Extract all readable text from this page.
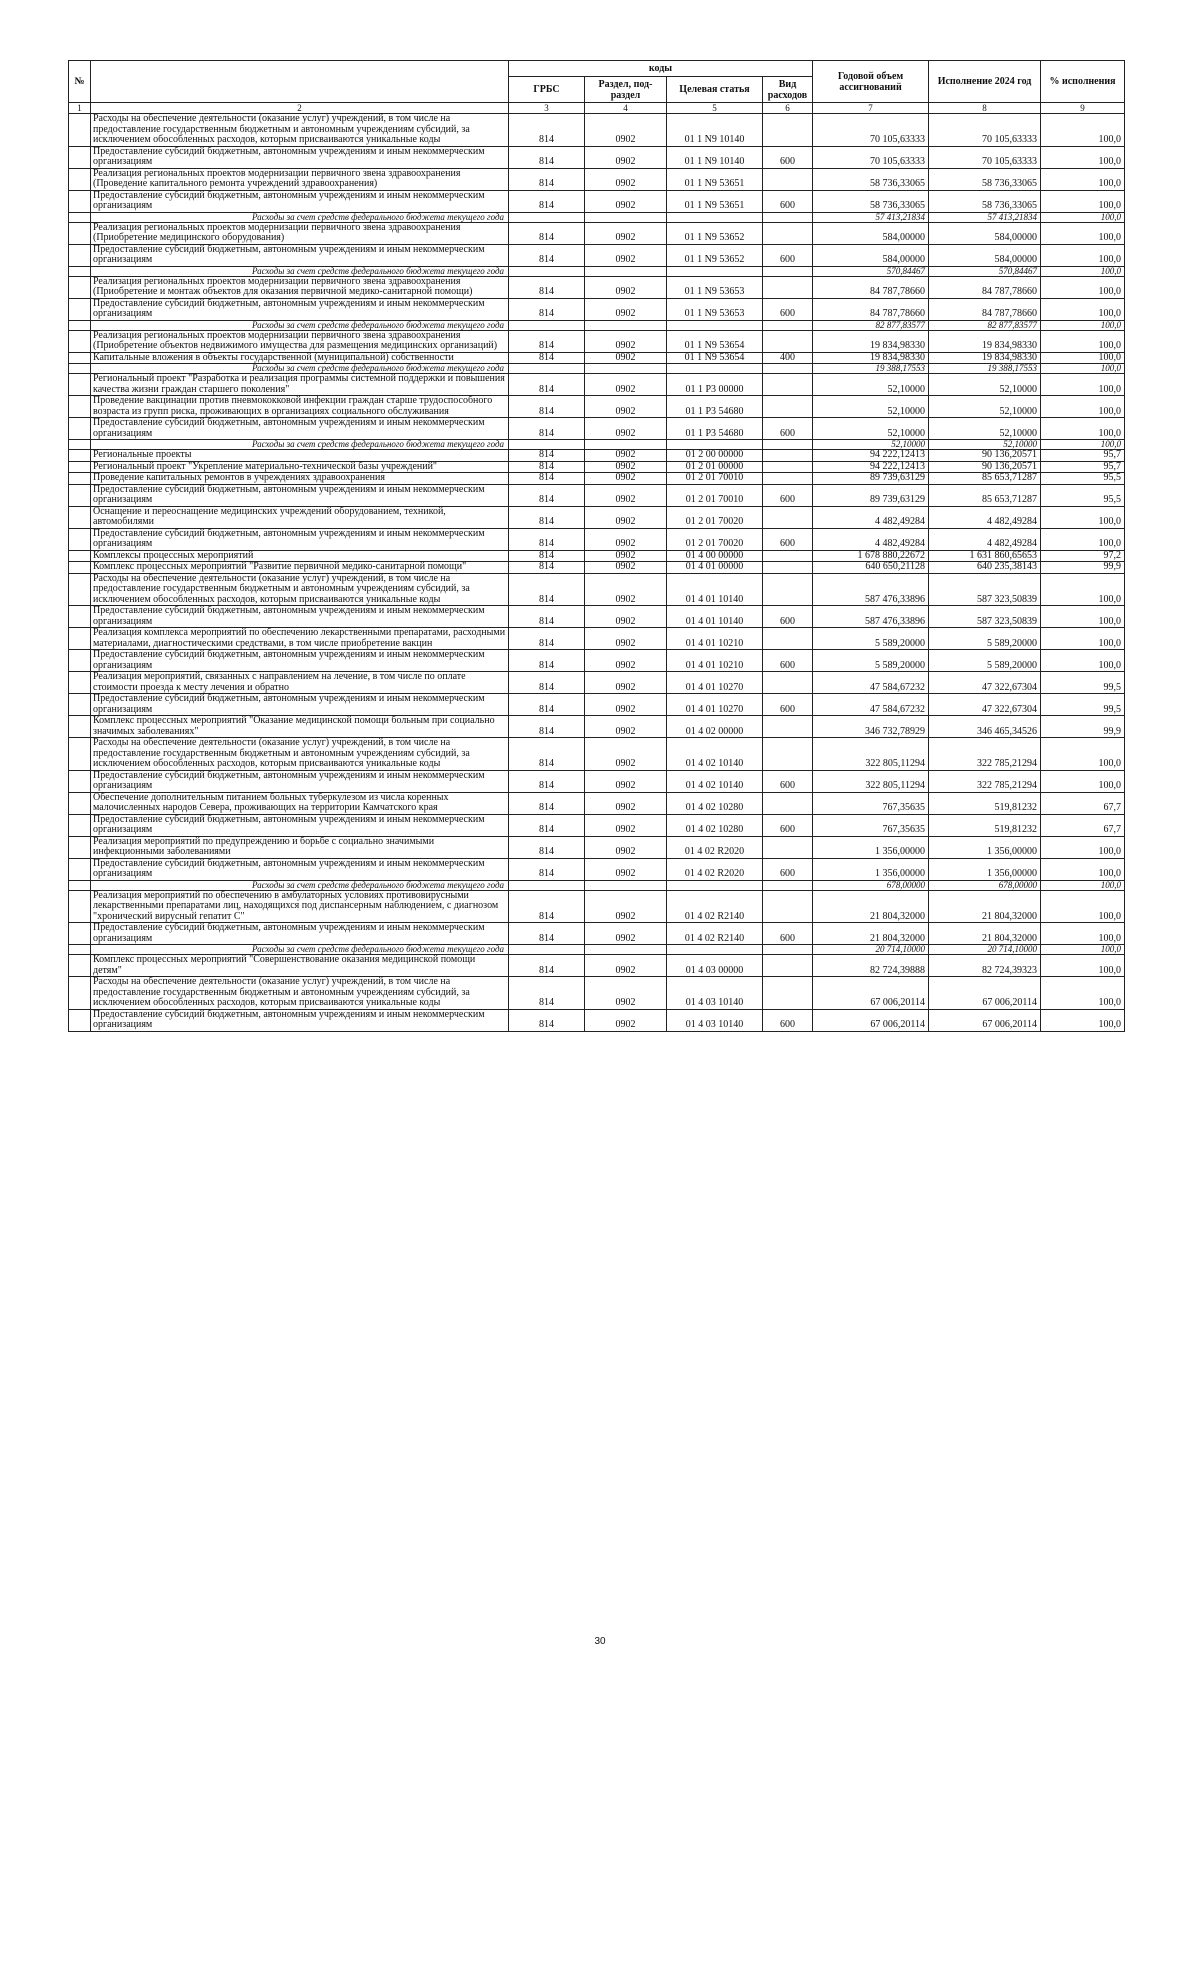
№		коды				Годовой объем ассигнований	Исполнение 2024 год	% исполнения
		ГРБС	Раздел, под-раздел	Целевая статья	Вид расходов			
1	2	3	4	5	6	7	8	9
	Расходы на обеспечение деятельности (оказание услуг) учреждений, в том числе на предоставление государственным бюджетным и автономным учреждениям субсидий, за исключением обособленных расходов, которым присваиваются уникальные коды	814	0902	01 1 N9 10140		70 105,63333	70 105,63333	100,0
	Предоставление субсидий бюджетным, автономным учреждениям и иным некоммерческим организациям	814	0902	01 1 N9 10140	600	70 105,63333	70 105,63333	100,0
	Реализация региональных проектов модернизации первичного звена здравоохранения (Проведение капитального ремонта учреждений здравоохранения)	814	0902	01 1 N9 53651		58 736,33065	58 736,33065	100,0
	Предоставление субсидий бюджетным, автономным учреждениям и иным некоммерческим организациям	814	0902	01 1 N9 53651	600	58 736,33065	58 736,33065	100,0
	Расходы за счет средств федерального бюджета текущего года					57 413,21834	57 413,21834	100,0
	Реализация региональных проектов модернизации первичного звена здравоохранения (Приобретение медицинского оборудования)	814	0902	01 1 N9 53652		584,00000	584,00000	100,0
	Предоставление субсидий бюджетным, автономным учреждениям и иным некоммерческим организациям	814	0902	01 1 N9 53652	600	584,00000	584,00000	100,0
	Расходы за счет средств федерального бюджета текущего года					570,84467	570,84467	100,0
	Реализация региональных проектов модернизации первичного звена здравоохранения (Приобретение и монтаж объектов для оказания первичной медико-санитарной помощи)	814	0902	01 1 N9 53653		84 787,78660	84 787,78660	100,0
	Предоставление субсидий бюджетным, автономным учреждениям и иным некоммерческим организациям	814	0902	01 1 N9 53653	600	84 787,78660	84 787,78660	100,0
	Расходы за счет средств федерального бюджета текущего года					82 877,83577	82 877,83577	100,0
	Реализация региональных проектов модернизации первичного звена здравоохранения (Приобретение объектов недвижимого имущества для размещения медицинских организаций)	814	0902	01 1 N9 53654		19 834,98330	19 834,98330	100,0
	Капитальные вложения в объекты государственной (муниципальной) собственности	814	0902	01 1 N9 53654	400	19 834,98330	19 834,98330	100,0
	Расходы за счет средств федерального бюджета текущего года					19 388,17553	19 388,17553	100,0
	Региональный проект "Разработка и реализация программы системной поддержки и повышения качества жизни граждан старшего поколения"	814	0902	01 1 P3 00000		52,10000	52,10000	100,0
	Проведение вакцинации против пневмококковой инфекции граждан старше трудоспособного возраста из групп риска, проживающих в организациях социального обслуживания	814	0902	01 1 P3 54680		52,10000	52,10000	100,0
	Предоставление субсидий бюджетным, автономным учреждениям и иным некоммерческим организациям	814	0902	01 1 P3 54680	600	52,10000	52,10000	100,0
	Расходы за счет средств федерального бюджета текущего года					52,10000	52,10000	100,0
	Региональные проекты	814	0902	01 2 00 00000		94 222,12413	90 136,20571	95,7
	Региональный проект "Укрепление материально-технической базы учреждений"	814	0902	01 2 01 00000		94 222,12413	90 136,20571	95,7
	Проведение капитальных ремонтов в учреждениях здравоохранения	814	0902	01 2 01 70010		89 739,63129	85 653,71287	95,5
	Предоставление субсидий бюджетным, автономным учреждениям и иным некоммерческим организациям	814	0902	01 2 01 70010	600	89 739,63129	85 653,71287	95,5
	Оснащение и переоснащение медицинских учреждений оборудованием, техникой, автомобилями	814	0902	01 2 01 70020		4 482,49284	4 482,49284	100,0
	Предоставление субсидий бюджетным, автономным учреждениям и иным некоммерческим организациям	814	0902	01 2 01 70020	600	4 482,49284	4 482,49284	100,0
	Комплексы процессных мероприятий	814	0902	01 4 00 00000		1 678 880,22672	1 631 860,65653	97,2
	Комплекс процессных мероприятий "Развитие первичной медико-санитарной помощи"	814	0902	01 4 01 00000		640 650,21128	640 235,38143	99,9
	Расходы на обеспечение деятельности (оказание услуг) учреждений, в том числе на предоставление государственным бюджетным и автономным учреждениям субсидий, за исключением обособленных расходов, которым присваиваются уникальные коды	814	0902	01 4 01 10140		587 476,33896	587 323,50839	100,0
	Предоставление субсидий бюджетным, автономным учреждениям и иным некоммерческим организациям	814	0902	01 4 01 10140	600	587 476,33896	587 323,50839	100,0
	Реализация комплекса мероприятий по обеспечению лекарственными препаратами, расходными материалами, диагностическими средствами, в том числе приобретение вакцин	814	0902	01 4 01 10210		5 589,20000	5 589,20000	100,0
	Предоставление субсидий бюджетным, автономным учреждениям и иным некоммерческим организациям	814	0902	01 4 01 10210	600	5 589,20000	5 589,20000	100,0
	Реализация мероприятий, связанных с направлением на лечение, в том числе по оплате стоимости проезда к месту лечения и обратно	814	0902	01 4 01 10270		47 584,67232	47 322,67304	99,5
	Предоставление субсидий бюджетным, автономным учреждениям и иным некоммерческим организациям	814	0902	01 4 01 10270	600	47 584,67232	47 322,67304	99,5
	Комплекс процессных мероприятий "Оказание медицинской помощи больным при социально значимых заболеваниях"	814	0902	01 4 02 00000		346 732,78929	346 465,34526	99,9
	Расходы на обеспечение деятельности (оказание услуг) учреждений, в том числе на предоставление государственным бюджетным и автономным учреждениям субсидий, за исключением обособленных расходов, которым присваиваются уникальные коды	814	0902	01 4 02 10140		322 805,11294	322 785,21294	100,0
	Предоставление субсидий бюджетным, автономным учреждениям и иным некоммерческим организациям	814	0902	01 4 02 10140	600	322 805,11294	322 785,21294	100,0
	Обеспечение дополнительным питанием больных туберкулезом из числа коренных малочисленных народов Севера, проживающих на территории Камчатского края	814	0902	01 4 02 10280		767,35635	519,81232	67,7
	Предоставление субсидий бюджетным, автономным учреждениям и иным некоммерческим организациям	814	0902	01 4 02 10280	600	767,35635	519,81232	67,7
	Реализация мероприятий по предупреждению и борьбе с социально значимыми инфекционными заболеваниями	814	0902	01 4 02 R2020		1 356,00000	1 356,00000	100,0
	Предоставление субсидий бюджетным, автономным учреждениям и иным некоммерческим организациям	814	0902	01 4 02 R2020	600	1 356,00000	1 356,00000	100,0
	Расходы за счет средств федерального бюджета текущего года					678,00000	678,00000	100,0
	Реализация мероприятий по обеспечению в амбулаторных условиях противовирусными лекарственными препаратами лиц, находящихся под диспансерным наблюдением, с диагнозом "хронический вирусный гепатит С"	814	0902	01 4 02 R2140		21 804,32000	21 804,32000	100,0
	Предоставление субсидий бюджетным, автономным учреждениям и иным некоммерческим организациям	814	0902	01 4 02 R2140	600	21 804,32000	21 804,32000	100,0
	Расходы за счет средств федерального бюджета текущего года					20 714,10000	20 714,10000	100,0
	Комплекс процессных мероприятий "Совершенствование оказания медицинской помощи детям"	814	0902	01 4 03 00000		82 724,39888	82 724,39323	100,0
	Расходы на обеспечение деятельности (оказание услуг) учреждений, в том числе на предоставление государственным бюджетным и автономным учреждениям субсидий, за исключением обособленных расходов, которым присваиваются уникальные коды	814	0902	01 4 03 10140		67 006,20114	67 006,20114	100,0
	Предоставление субсидий бюджетным, автономным учреждениям и иным некоммерческим организациям	814	0902	01 4 03 10140	600	67 006,20114	67 006,20114	100,0
30
